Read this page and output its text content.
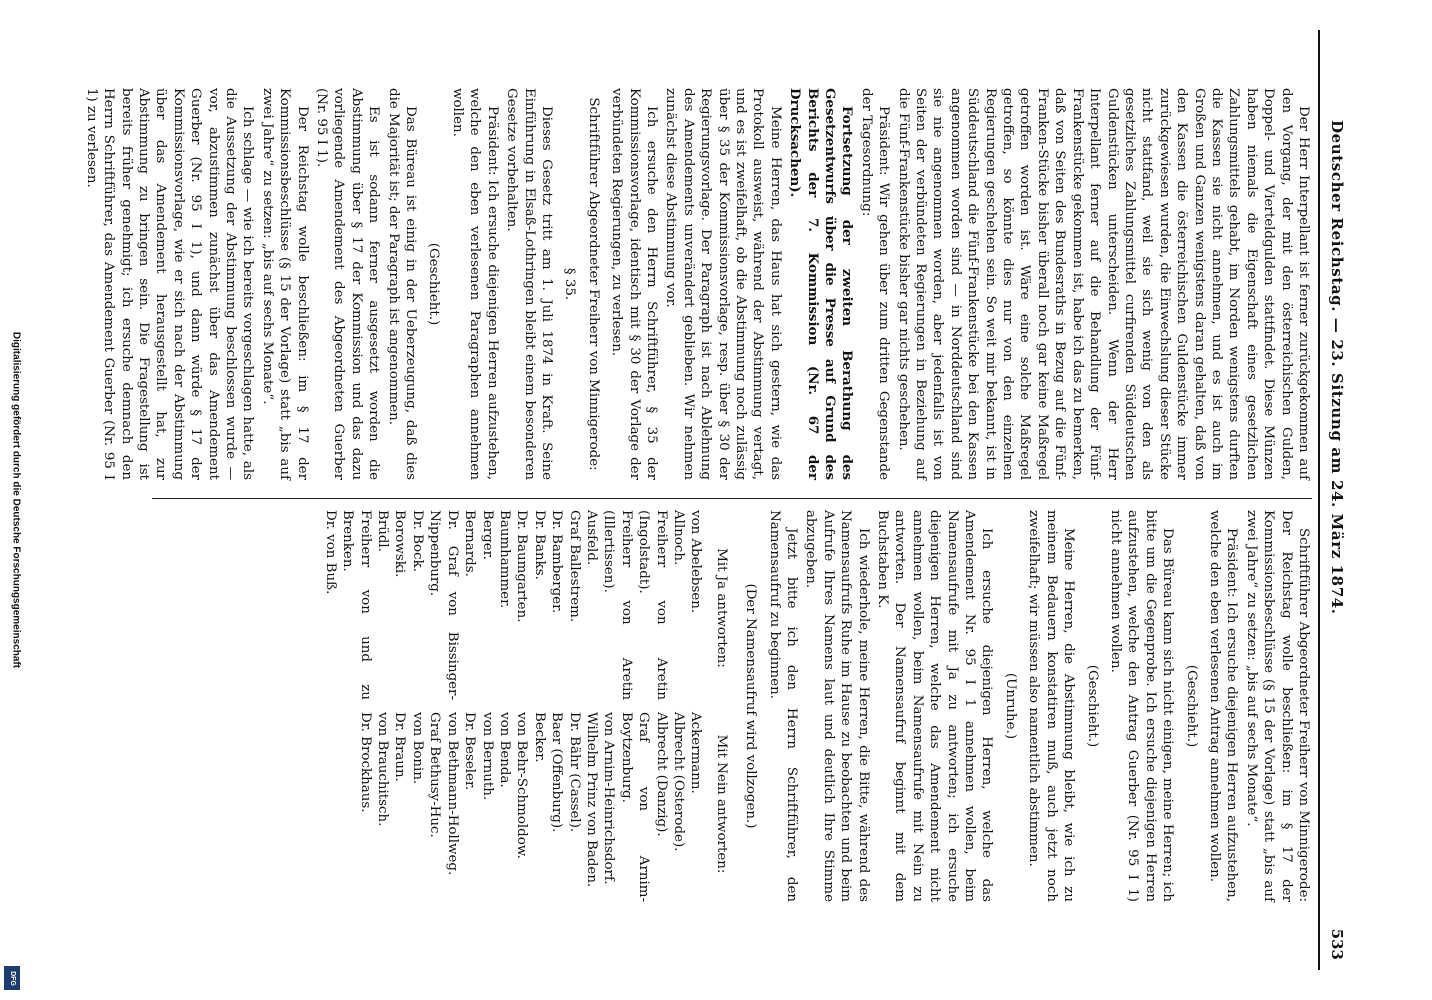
Digitalisierung gefördert durch die Deutsche Forschungsgemeinschaft
DFG
Deutscher Reichstag. — 23. Sitzung am 24. März 1874.
533

Der Herr Interpellant ist ferner zurückgekommen auf den Vorgang, der mit den österreichischen Gulden, Doppel- und Vierteldgulden stattfindet. Diese Münzen haben niemals die Eigenschaft eines gesetzlichen Zahlungsmittels gehabt, im Norden wenigstens durften die Kassen sie nicht annehmen, und es ist auch im Großen und Ganzen wenigstens daran gehalten, daß von den Kassen die österreichischen Guldenstücke immer zurückgewiesen wurden, die Einwechslung dieser Stücke nicht stattfand, weil sie sich wenig von den als gesetzliches Zahlungsmittel curfirenden Süddeutschen Guldenstücken unterscheiden. Wenn der Herr Interpellant ferner auf die Behandlung der Fünf-Frankenstücke gekommen ist, habe ich das zu bemerken, daß von Seiten des Bundesraths in Bezug auf die Fünf-Franken-Stücke bisher überall noch gar keine Maßregel getroffen worden ist. Wäre eine solche Maßregel getroffen, so könnte dies nur von den einzelnen Regierungen geschehen sein. So weit mir bekannt, ist in Süddeutschland die Fünf-Frankenstücke bei den Kassen angenommen worden sind — in Norddeutschland sind sie nie angenommen worden, aber jedenfalls ist von Seiten der verbündeten Regierungen in Beziehung auf die Fünf-Frankenstücke bisher gar nichts geschehen.

Präsident: Wir gehen über zum dritten Gegenstande der Tagesordnung:

Fortsetzung der zweiten Berathung des Gesetzentwurfs über die Presse auf Grund des Berichts der 7. Kommission (Nr. 67 der Drucksachen).

Meine Herren, das Haus hat sich gestern, wie das Protokoll ausweist, während der Abstimmung vertagt, und es ist zweifelhaft, ob die Abstimmung noch zulässig über § 35 der Kommissionsvorlage, resp. über § 30 der Regierungsvorlage. Der Paragraph ist nach Ablehnung des Amendements unverändert geblieben. Wir nehmen zunächst diese Abstimmung vor.

Ich ersuche den Herrn Schriftführer, § 35 der Kommissionsvorlage, identisch mit § 30 der Vorlage der verbündeten Regierungen, zu verlesen.

Schriftführer Abgeordneter Freiherr von Minnigerode:

§ 35.

Dieses Gesetz tritt am 1. Juli 1874 in Kraft. Seine Einführung in Elsaß-Lothringen bleibt einem besonderen Gesetze vorbehalten.

Präsident: Ich ersuche diejenigen Herren aufzustehen, welche den eben verlesenen Paragraphen annehmen wollen.

(Geschieht.)

Das Büreau ist einig in der Ueberzeugung, daß dies die Majorität ist; der Paragraph ist angenommen.

Es ist sodann ferner ausgesetzt worden die Abstimmung über § 17 der Kommission und das dazu vorliegende Amendement des Abgeordneten Guerber (Nr. 95 I 1).

Der Reichstag wolle beschließen: im § 17 der Kommissionsbeschlüsse (§ 15 der Vorlage) statt „bis auf zwei Jahre“ zu setzen: „bis auf sechs Monate“.

Ich schlage — wie ich bereits vorgeschlagen hatte, als die Aussetzung der Abstimmung beschlossen wurde — vor, abzustimmen zunächst über das Amendement Guerber (Nr. 95 I 1), und dann würde § 17 der Kommissionsvorlage, wie er sich nach der Abstimmung über das Amendement herausgestellt hat, zur Abstimmung zu bringen sein. Die Fragestellung ist bereits früher genehmigt; ich ersuche demnach den Herrn Schriftführer, das Amendement Guerber (Nr. 95 I 1) zu verlesen.

Schriftführer Abgeordneter Freiherr von Minnigerode: Der Reichstag wolle beschließen: im § 17 der Kommissionsbeschlüsse (§ 15 der Vorlage) statt „bis auf zwei Jahre“ zu setzen: „bis auf sechs Monate“.

Präsident: Ich ersuche diejenigen Herren aufzustehen, welche den eben verlesenen Antrag annehmen wollen.

(Geschieht.)

Das Büreau kann sich nicht einigen, meine Herren; ich bitte um die Gegenprobe. Ich ersuche diejenigen Herren aufzustehen, welche den Antrag Guerber (Nr. 95 I 1) nicht annehmen wollen.

(Geschieht.)

Meine Herren, die Abstimmung bleibt, wie ich zu meinem Bedauern konstatiren muß, auch jetzt noch zweifelhaft; wir müssen also namentlich abstimmen.

(Unruhe.)

Ich ersuche diejenigen Herren, welche das Amendement Nr. 95 I 1 annehmen wollen, beim Namensaufrufe mit Ja zu antworten; ich ersuche diejenigen Herren, welche das Amendement nicht annehmen wollen, beim Namensaufrufe mit Nein zu antworten. Der Namensaufruf beginnt mit dem Buchstaben K.

Ich wiederhole, meine Herren, die Bitte, während des Namensaufrufs Ruhe im Hause zu beobachten und beim Aufrufe Ihres Namens laut und deutlich Ihre Stimme abzugeben.

Jetzt bitte ich den Herrn Schriftführer, den Namensaufruf zu beginnen.

(Der Namensaufruf wird vollzogen.)

Mit Ja antworten:
Mit Nein antworten:
von Abelebsen.
Allnoch.
Freiherr von Aretin (Ingolstadt).
Freiherr von Aretin (Illertissen).
Ausfeld.
Graf Ballestrem.
Dr. Bamberger.
Dr. Banks.
Dr. Baumgarten.
Baumhammer.
Berger.
Bernards.
Dr. Graf von Bissinger-Nippenburg.
Dr. Bock.
Borowski.
Brüdl.
Freiherr von und zu Brenken.
Dr. von Buß.
Ackermann.
Albrecht (Osterode).
Albrecht (Danzig).
Graf von Arnim-Boytzenburg.
von Arnim-Heinrichsdorf.
Wilhelm Prinz von Baden.
Dr. Bähr (Cassel).
Baer (Offenburg).
Becker.
von Behr-Schmoldow.
von Benda.
von Bernuth.
Dr. Beseler.
von Bethmann-Hollweg.
Graf Bethusy-Huc.
von Bonin.
Dr. Braun.
von Brauchitsch.
Dr. Brockhaus.
